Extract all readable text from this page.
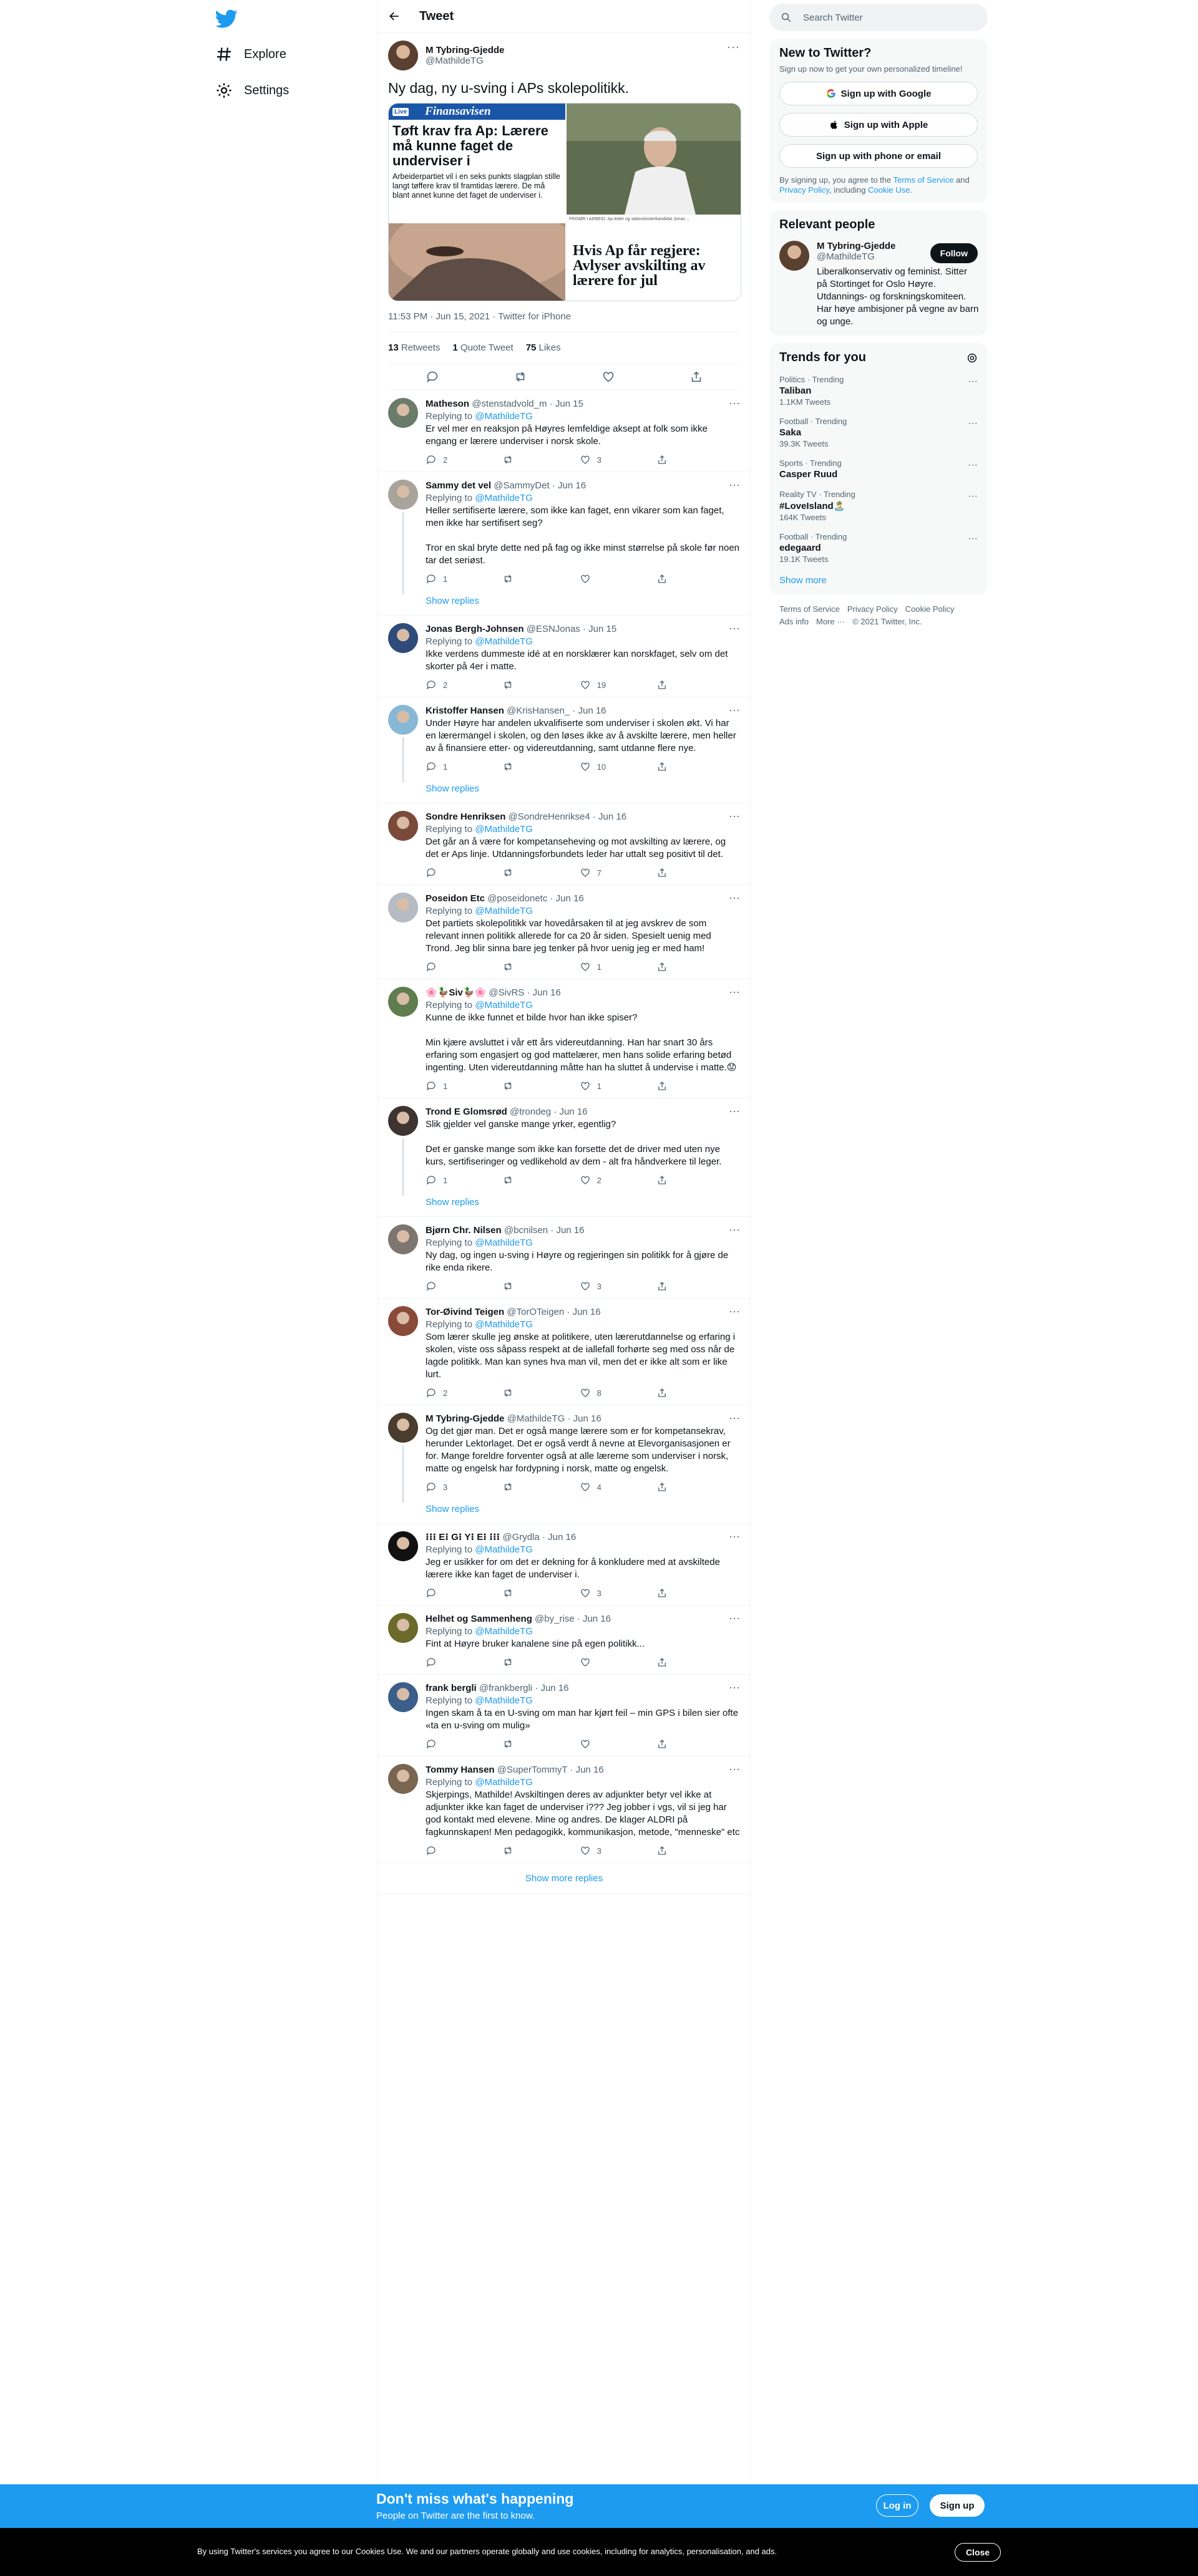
Explore
Settings
Tweet
M Tybring-Gjedde
@MathildeTG
···
Ny dag, ny u-sving i APs skolepolitikk.
Live Finansavisen
Tøft krav fra Ap: Lærere må kunne faget de underviser i
Arbeiderpartiet vil i en seks punkts slagplan stille langt tøffere krav til framtidas lærere. De må blant annet kunne det faget de underviser i.
FRISØR I ARBEID. Ap-leder og statsministerkandidat Jonas ...
Hvis Ap får regjere: Avlyser avskilting av lærere for jul
11:53 PM · Jun 15, 2021 · Twitter for iPhone
13 Retweets 1 Quote Tweet 75 Likes
Matheson @stenstadvold_m · Jun 15	···
Replying to @MathildeTG
Er vel mer en reaksjon på Høyres lemfeldige aksept at folk som ikke engang er lærere underviser i norsk skole.
2	3
Sammy det vel @SammyDet · Jun 16	···
Replying to @MathildeTG
Heller sertifiserte lærere, som ikke kan faget, enn vikarer som kan faget, men ikke har sertifisert seg?

Tror en skal bryte dette ned på fag og ikke minst størrelse på skole før noen tar det seriøst.
1
Show replies
Jonas Bergh-Johnsen @ESNJonas · Jun 15	···
Replying to @MathildeTG
Ikke verdens dummeste idé at en norsklærer kan norskfaget, selv om det skorter på 4er i matte.
2	19
Kristoffer Hansen @KrisHansen_ · Jun 16	···
Under Høyre har andelen ukvalifiserte som underviser i skolen økt. Vi har en lærermangel i skolen, og den løses ikke av å avskilte lærere, men heller av å finansiere etter- og videreutdanning, samt utdanne flere nye.
1	10
Show replies
Sondre Henriksen @SondreHenrikse4 · Jun 16	···
Replying to @MathildeTG
Det går an å være for kompetanseheving og mot avskilting av lærere, og det er Aps linje. Utdanningsforbundets leder har uttalt seg positivt til det.
7
Poseidon Etc @poseidonetc · Jun 16	···
Replying to @MathildeTG
Det partiets skolepolitikk var hovedårsaken til at jeg avskrev de som relevant innen politikk allerede for ca 20 år siden. Spesielt uenig med Trond. Jeg blir sinna bare jeg tenker på hvor uenig jeg er med ham!
1
🌸🦆Siv🦆🌸 @SivRS · Jun 16	···
Replying to @MathildeTG
Kunne de ikke funnet et bilde hvor han ikke spiser?

Min kjære avsluttet i vår ett års videreutdanning. Han har snart 30 års erfaring som engasjert og god mattelærer, men hans solide erfaring betød ingenting. Uten videreutdanning måtte han ha sluttet å undervise i matte.😟
1	1
Trond E Glomsrød @trondeg · Jun 16	···
Slik gjelder vel ganske mange yrker, egentlig?

Det er ganske mange som ikke kan forsette det de driver med uten nye kurs, sertifiseringer og vedlikehold av dem - alt fra håndverkere til leger.
1	2
Show replies
Bjørn Chr. Nilsen @bcnilsen · Jun 16	···
Replying to @MathildeTG
Ny dag, og ingen u-sving i Høyre og regjeringen sin politikk for å gjøre de rike enda rikere.
3
Tor-Øivind Teigen @TorOTeigen · Jun 16	···
Replying to @MathildeTG
Som lærer skulle jeg ønske at politikere, uten lærerutdannelse og erfaring i skolen, viste oss såpass respekt at de iallefall forhørte seg med oss når de lagde politikk. Man kan synes hva man vil, men det er ikke alt som er like lurt.
2	8
M Tybring-Gjedde @MathildeTG · Jun 16	···
Og det gjør man. Det er også mange lærere som er for kompetansekrav, herunder Lektorlaget. Det er også verdt å nevne at Elevorganisasjonen er for. Mange foreldre forventer også at alle lærerne som underviser i norsk, matte og engelsk har fordypning i norsk, matte og engelsk.
3	4
Show replies
⁝⁝⁝ E⁝ G⁝ Y⁝ E⁝ ⁝⁝⁝ @Grydla · Jun 16	···
Replying to @MathildeTG
Jeg er usikker for om det er dekning for å konkludere med at avskiltede lærere ikke kan faget de underviser i.
3
Helhet og Sammenheng @by_rise · Jun 16	···
Replying to @MathildeTG
Fint at Høyre bruker kanalene sine på egen politikk...
frank bergli @frankbergli · Jun 16	···
Replying to @MathildeTG
Ingen skam å ta en U-sving om man har kjørt feil – min GPS i bilen sier ofte «ta en u-sving om mulig»
Tommy Hansen @SuperTommyT · Jun 16	···
Replying to @MathildeTG
Skjerpings, Mathilde! Avskiltingen deres av adjunkter betyr vel ikke at adjunkter ikke kan faget de underviser i??? Jeg jobber i vgs, vil si jeg har god kontakt med elevene. Mine og andres. De klager ALDRI på fagkunnskapen! Men pedagogikk, kommunikasjon, metode, "menneske" etc
3
Show more replies
Search Twitter
New to Twitter?
Sign up now to get your own personalized timeline!
Sign up with Google
Sign up with Apple
Sign up with phone or email
By signing up, you agree to the Terms of Service and Privacy Policy, including Cookie Use.
Relevant people
M Tybring-Gjedde
@MathildeTG
Liberalkonservativ og feminist. Sitter på Stortinget for Oslo Høyre. Utdannings- og forskningskomiteen. Har høye ambisjoner på vegne av barn og unge.
Follow
Trends for you
Politics · Trending
Taliban
1.1KM Tweets
···
Football · Trending
Saka
39.3K Tweets
···
Sports · Trending
Casper Ruud
···
Reality TV · Trending
#LoveIsland🏝️
164K Tweets
···
Football · Trending
edegaard
19.1K Tweets
···
Show more
Terms of Service Privacy Policy Cookie Policy
Ads info More ··· © 2021 Twitter, Inc.
Don't miss what's happening
People on Twitter are the first to know.
Log in	Sign up
By using Twitter's services you agree to our Cookies Use. We and our partners operate globally and use cookies, including for analytics, personalisation, and ads.	Close
